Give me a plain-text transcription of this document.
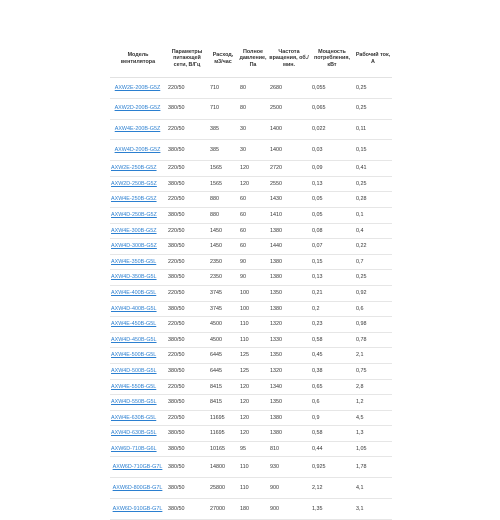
Модель вентилятора	Параметры питающей сети, В/Гц	Расход, м3/час	Полное давление, Па	Частота вращения, об./мин.	Мощность потребления, кВт	Рабочий ток, А
AXW2E-200B-G5Z	220/50	710	80	2680	0,055	0,25
AXW2D-200B-G5Z	380/50	710	80	2500	0,065	0,25
AXW4E-200B-G5Z	220/50	385	30	1400	0,022	0,11
AXW4D-200B-G5Z	380/50	385	30	1400	0,03	0,15
AXW2E-250B-G5Z	220/50	1565	120	2720	0,09	0,41
AXW2D-250B-G5Z	380/50	1565	120	2550	0,13	0,25
AXW4E-250B-G5Z	220/50	880	60	1430	0,05	0,28
AXW4D-250B-G5Z	380/50	880	60	1410	0,05	0,1
AXW4E-300B-G5Z	220/50	1450	60	1380	0,08	0,4
AXW4D-300B-G5Z	380/50	1450	60	1440	0,07	0,22
AXW4E-350B-G5L	220/50	2350	90	1380	0,15	0,7
AXW4D-350B-G5L	380/50	2350	90	1380	0,13	0,25
AXW4E-400B-G5L	220/50	3745	100	1350	0,21	0,92
AXW4D-400B-G5L	380/50	3745	100	1380	0,2	0,6
AXW4E-450B-G5L	220/50	4500	110	1320	0,23	0,98
AXW4D-450B-G5L	380/50	4500	110	1330	0,58	0,78
AXW4E-500B-G5L	220/50	6445	125	1350	0,45	2,1
AXW4D-500B-G5L	380/50	6445	125	1320	0,38	0,75
AXW4E-550B-G5L	220/50	8415	120	1340	0,65	2,8
AXW4D-550B-G5L	380/50	8415	120	1350	0,6	1,2
AXW4E-630B-G5L	220/50	11695	120	1380	0,9	4,5
AXW4D-630B-G5L	380/50	11695	120	1380	0,58	1,3
AXW6D-710B-G6L	380/50	10165	95	810	0,44	1,05
AXW6D-710GB-G7L	380/50	14800	110	930	0,925	1,78
AXW6D-800GB-G7L	380/50	25800	110	900	2,12	4,1
AXW6D-910GB-G7L	380/50	27000	180	900	1,35	3,1
